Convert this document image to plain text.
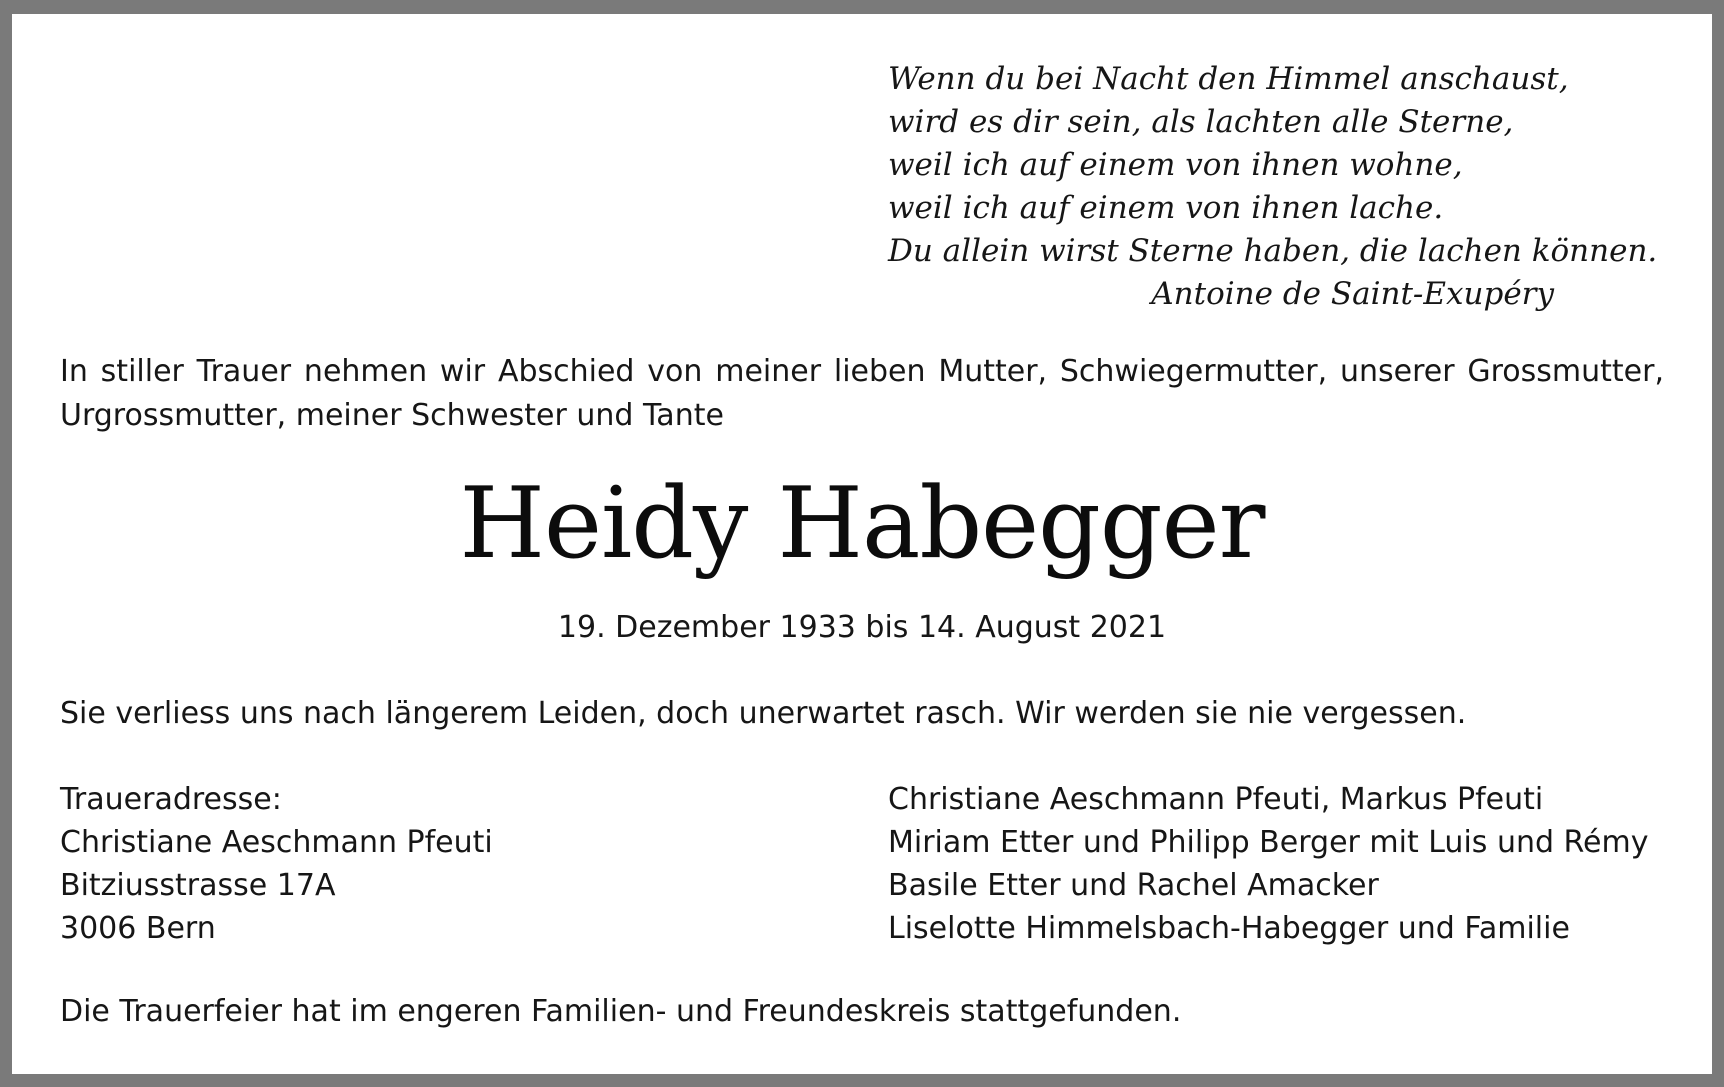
Wenn du bei Nacht den Himmel anschaust,
wird es dir sein, als lachten alle Sterne,
weil ich auf einem von ihnen wohne,
weil ich auf einem von ihnen lache.
Du allein wirst Sterne haben, die lachen können.
Antoine de Saint-Exupéry
In stiller Trauer nehmen wir Abschied von meiner lieben Mutter, Schwiegermutter, unserer Grossmutter, Urgrossmutter, meiner Schwester und Tante
Heidy Habegger
19. Dezember 1933 bis 14. August 2021
Sie verliess uns nach längerem Leiden, doch unerwartet rasch. Wir werden sie nie vergessen.
Traueradresse:
Christiane Aeschmann Pfeuti
Bitziusstrasse 17A
3006 Bern
Christiane Aeschmann Pfeuti, Markus Pfeuti
Miriam Etter und Philipp Berger mit Luis und Rémy
Basile Etter und Rachel Amacker
Liselotte Himmelsbach-Habegger und Familie
Die Trauerfeier hat im engeren Familien- und Freundeskreis stattgefunden.
